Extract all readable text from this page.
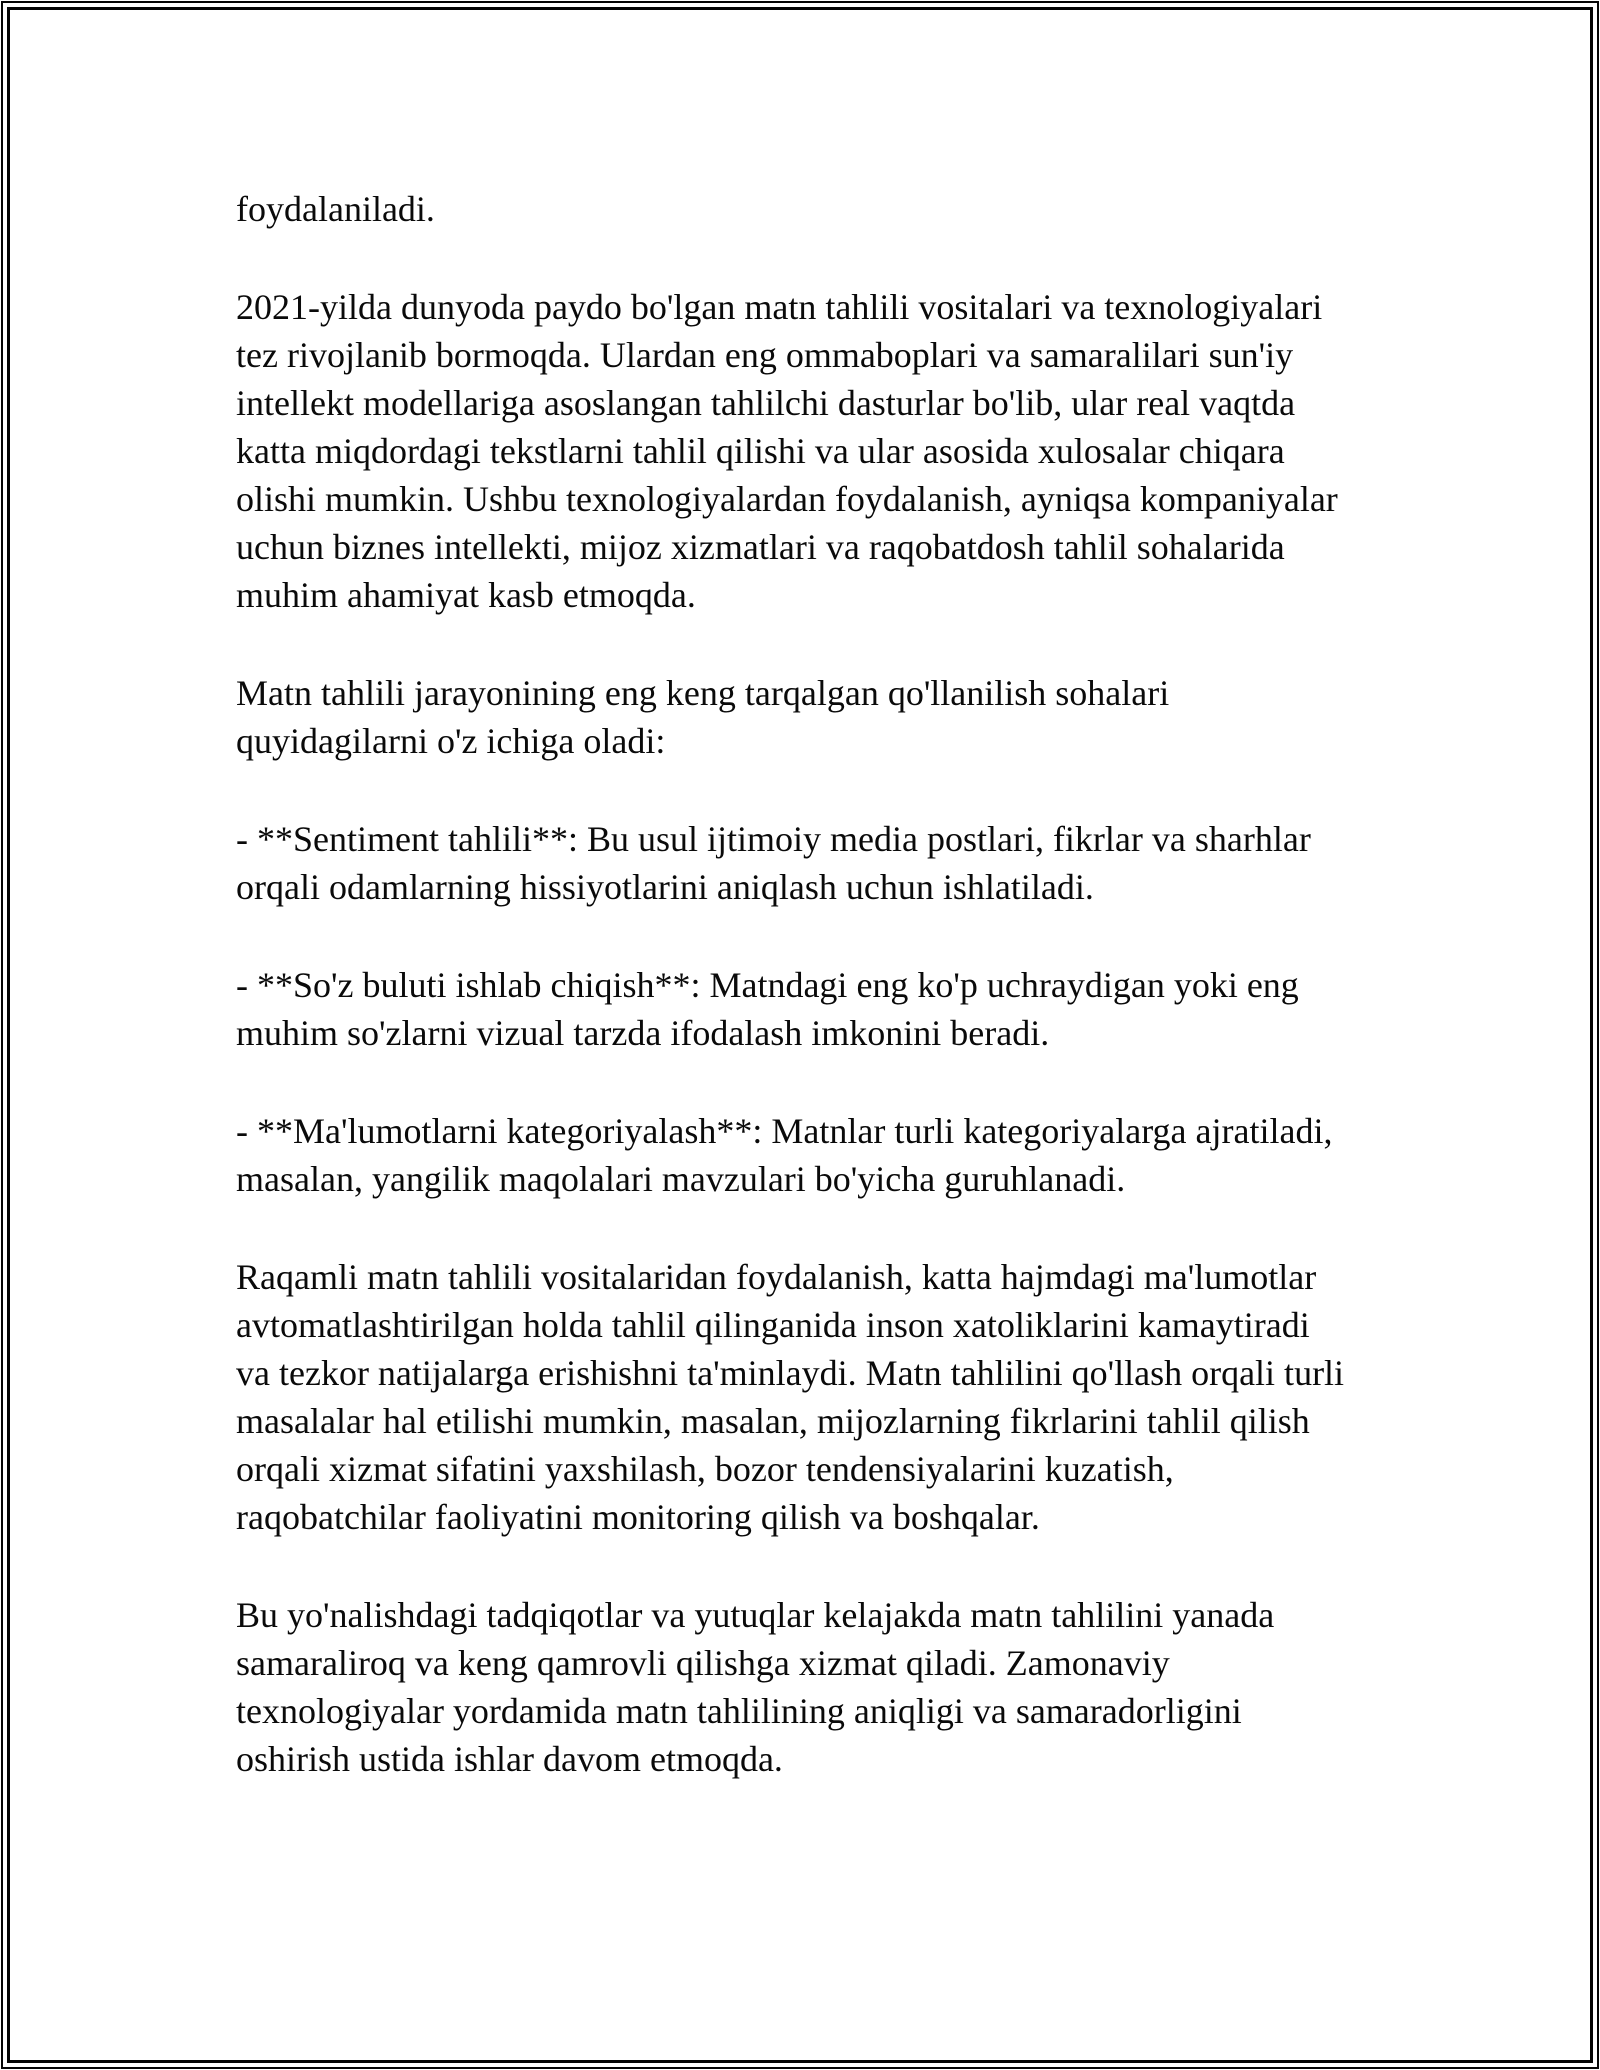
foydalaniladi.
2021-yilda dunyoda paydo bo'lgan matn tahlili vositalari va texnologiyalari
tez rivojlanib bormoqda. Ulardan eng ommaboplari va samaralilari sun'iy
intellekt modellariga asoslangan tahlilchi dasturlar bo'lib, ular real vaqtda
katta miqdordagi tekstlarni tahlil qilishi va ular asosida xulosalar chiqara
olishi mumkin. Ushbu texnologiyalardan foydalanish, ayniqsa kompaniyalar
uchun biznes intellekti, mijoz xizmatlari va raqobatdosh tahlil sohalarida
muhim ahamiyat kasb etmoqda.
Matn tahlili jarayonining eng keng tarqalgan qo'llanilish sohalari
quyidagilarni o'z ichiga oladi:
- **Sentiment tahlili**: Bu usul ijtimoiy media postlari, fikrlar va sharhlar
orqali odamlarning hissiyotlarini aniqlash uchun ishlatiladi.
- **So'z buluti ishlab chiqish**: Matndagi eng ko'p uchraydigan yoki eng
muhim so'zlarni vizual tarzda ifodalash imkonini beradi.
- **Ma'lumotlarni kategoriyalash**: Matnlar turli kategoriyalarga ajratiladi,
masalan, yangilik maqolalari mavzulari bo'yicha guruhlanadi.
Raqamli matn tahlili vositalaridan foydalanish, katta hajmdagi ma'lumotlar
avtomatlashtirilgan holda tahlil qilinganida inson xatoliklarini kamaytiradi
va tezkor natijalarga erishishni ta'minlaydi. Matn tahlilini qo'llash orqali turli
masalalar hal etilishi mumkin, masalan, mijozlarning fikrlarini tahlil qilish
orqali xizmat sifatini yaxshilash, bozor tendensiyalarini kuzatish,
raqobatchilar faoliyatini monitoring qilish va boshqalar.
Bu yo'nalishdagi tadqiqotlar va yutuqlar kelajakda matn tahlilini yanada
samaraliroq va keng qamrovli qilishga xizmat qiladi. Zamonaviy
texnologiyalar yordamida matn tahlilining aniqligi va samaradorligini
oshirish ustida ishlar davom etmoqda.
